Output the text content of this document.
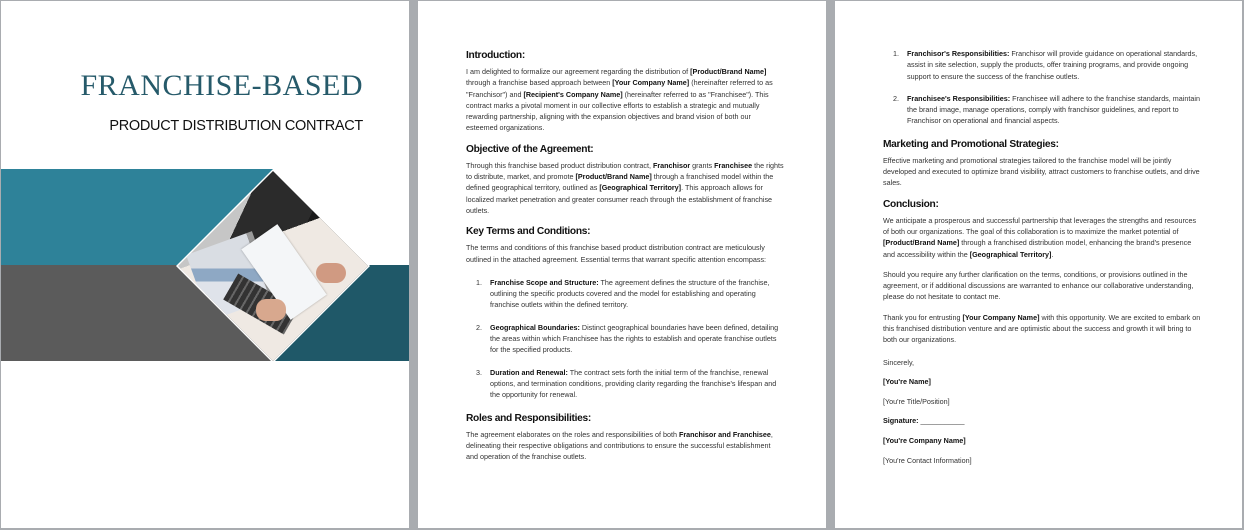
FRANCHISE-BASED
PRODUCT DISTRIBUTION CONTRACT
Introduction:

I am delighted to formalize our agreement regarding the distribution of [Product/Brand Name] through a franchise based approach between [Your Company Name] (hereinafter referred to as "Franchisor") and [Recipient's Company Name] (hereinafter referred to as "Franchisee"). This contract marks a pivotal moment in our collective efforts to establish a strategic and mutually rewarding partnership, aligning with the expansion objectives and brand vision of both our esteemed organizations.

Objective of the Agreement:

Through this franchise based product distribution contract, Franchisor grants Franchisee the rights to distribute, market, and promote [Product/Brand Name] through a franchised model within the defined geographical territory, outlined as [Geographical Territory]. This approach allows for localized market penetration and greater consumer reach through the establishment of franchise outlets.

Key Terms and Conditions:

The terms and conditions of this franchise based product distribution contract are meticulously outlined in the attached agreement. Essential terms that warrant specific attention encompass:

1. Franchise Scope and Structure: The agreement defines the structure of the franchise, outlining the specific products covered and the model for establishing and operating franchise outlets within the defined territory.
2. Geographical Boundaries: Distinct geographical boundaries have been defined, detailing the areas within which Franchisee has the rights to establish and operate franchise outlets for the specified products.
3. Duration and Renewal: The contract sets forth the initial term of the franchise, renewal options, and termination conditions, providing clarity regarding the franchise's lifespan and the opportunity for renewal.
Roles and Responsibilities:

The agreement elaborates on the roles and responsibilities of both Franchisor and Franchisee, delineating their respective obligations and contributions to ensure the successful establishment and operation of the franchise outlets.

1. Franchisor's Responsibilities: Franchisor will provide guidance on operational standards, assist in site selection, supply the products, offer training programs, and provide ongoing support to ensure the success of the franchise outlets.
2. Franchisee's Responsibilities: Franchisee will adhere to the franchise standards, maintain the brand image, manage operations, comply with franchisor guidelines, and report to Franchisor on operational and financial aspects.
Marketing and Promotional Strategies:

Effective marketing and promotional strategies tailored to the franchise model will be jointly developed and executed to optimize brand visibility, attract customers to franchise outlets, and drive sales.

Conclusion:

We anticipate a prosperous and successful partnership that leverages the strengths and resources of both our organizations. The goal of this collaboration is to maximize the market potential of [Product/Brand Name] through a franchised distribution model, enhancing the brand's presence and accessibility within the [Geographical Territory].

Should you require any further clarification on the terms, conditions, or provisions outlined in the agreement, or if additional discussions are warranted to enhance our collaborative understanding, please do not hesitate to contact me.

Thank you for entrusting [Your Company Name] with this opportunity. We are excited to embark on this franchised distribution venture and are optimistic about the success and growth it will bring to both our organizations.

Sincerely,

[You're Name]

[You're Title/Position]

Signature: ___________

[You're Company Name]

[You're Contact Information]
